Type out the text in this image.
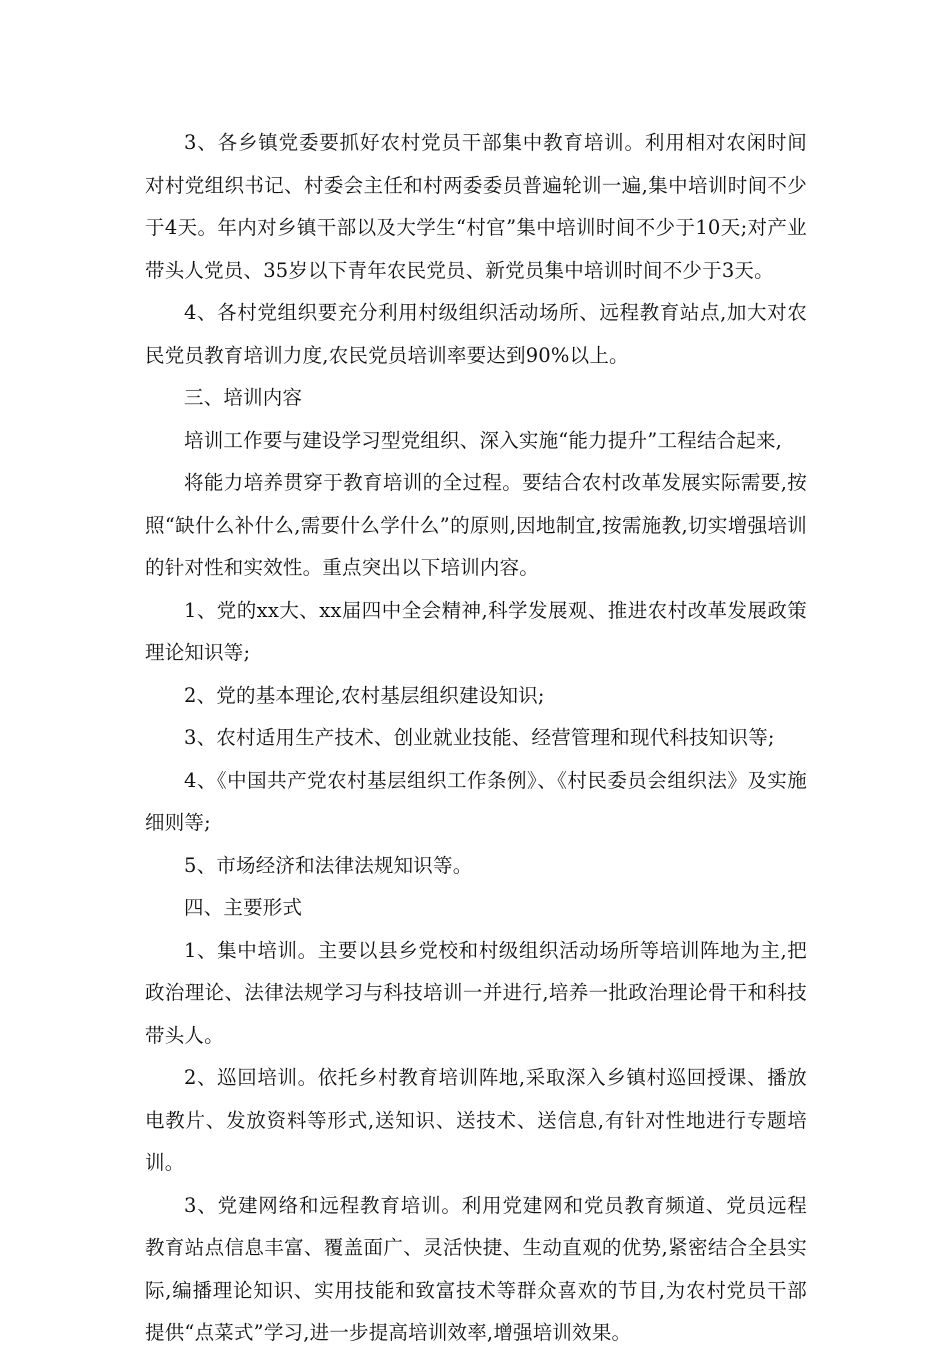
3、各乡镇党委要抓好农村党员干部集中教育培训。利用相对农闲时间对村党组织书记、村委会主任和村两委委员普遍轮训一遍,集中培训时间不少于4天。年内对乡镇干部以及大学生“村官”集中培训时间不少于10天;对产业带头人党员、35岁以下青年农民党员、新党员集中培训时间不少于3天。

4、各村党组织要充分利用村级组织活动场所、远程教育站点,加大对农民党员教育培训力度,农民党员培训率要达到90%以上。

三、培训内容

培训工作要与建设学习型党组织、深入实施“能力提升”工程结合起来,

将能力培养贯穿于教育培训的全过程。要结合农村改革发展实际需要,按照“缺什么补什么,需要什么学什么”的原则,因地制宜,按需施教,切实增强培训的针对性和实效性。重点突出以下培训内容。

1、党的xx大、xx届四中全会精神,科学发展观、推进农村改革发展政策理论知识等;

2、党的基本理论,农村基层组织建设知识;

3、农村适用生产技术、创业就业技能、经营管理和现代科技知识等;

4、《中国共产党农村基层组织工作条例》、《村民委员会组织法》及实施细则等;

5、市场经济和法律法规知识等。

四、主要形式

1、集中培训。主要以县乡党校和村级组织活动场所等培训阵地为主,把政治理论、法律法规学习与科技培训一并进行,培养一批政治理论骨干和科技带头人。

2、巡回培训。依托乡村教育培训阵地,采取深入乡镇村巡回授课、播放电教片、发放资料等形式,送知识、送技术、送信息,有针对性地进行专题培训。

3、党建网络和远程教育培训。利用党建网和党员教育频道、党员远程教育站点信息丰富、覆盖面广、灵活快捷、生动直观的优势,紧密结合全县实际,编播理论知识、实用技能和致富技术等群众喜欢的节目,为农村党员干部提供“点菜式”学习,进一步提高培训效率,增强培训效果。
